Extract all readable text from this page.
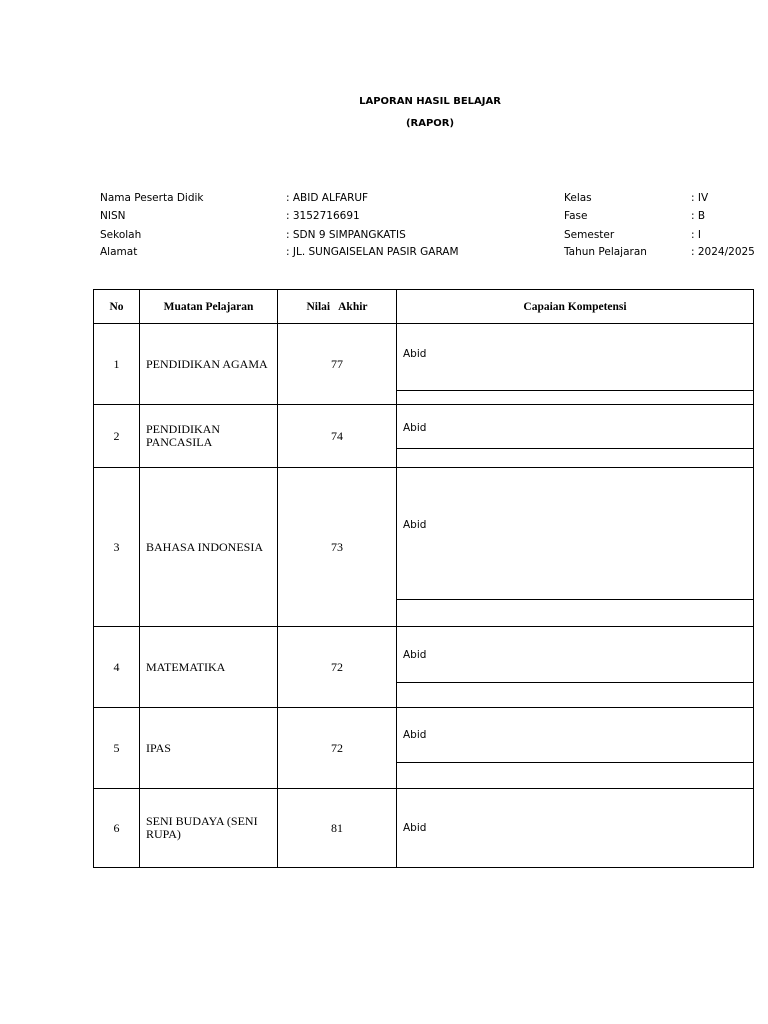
LAPORAN HASIL BELAJAR
(RAPOR)
Nama Peserta Didik	: ABID ALFARUF
NISN	: 3152716691
Sekolah	: SDN 9 SIMPANGKATIS
Alamat	: JL. SUNGAISELAN PASIR GARAM
Kelas	: IV
Fase	: B
Semester	: I
Tahun Pelajaran	: 2024/2025
No	Muatan Pelajaran	Nilai   Akhir	Capaian Kompetensi
1	PENDIDIKAN AGAMA	77	Abid

2	PENDIDIKAN PANCASILA	74	Abid

3	BAHASA INDONESIA	73	Abid

4	MATEMATIKA	72	Abid

5	IPAS	72	Abid

6	SENI BUDAYA (SENI RUPA)	81	Abid
